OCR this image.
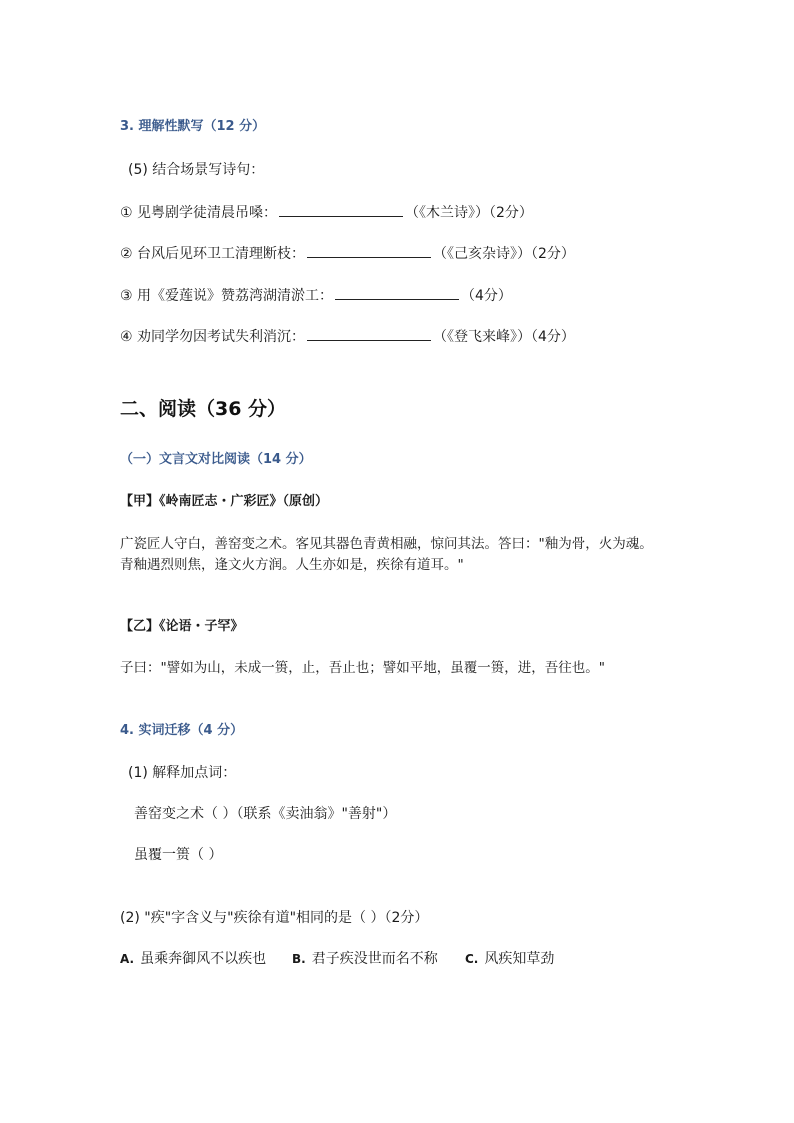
3. 理解性默写（12 分）
(5) 结合场景写诗句：
① 见粤剧学徒清晨吊嗓：	（《木兰诗》）（2分）
② 台风后见环卫工清理断枝：	（《己亥杂诗》）（2分）
③ 用《爱莲说》赞荔湾湖清淤工：	（4分）
④ 劝同学勿因考试失利消沉：	（《登飞来峰》）（4分）
二、阅读（36 分）
（一）文言文对比阅读（14 分）
【甲】《岭南匠志・广彩匠》（原创）
广瓷匠人守白，善窑变之术。客见其器色青黄相融，惊问其法。答曰："釉为骨，火为魂。
青釉遇烈则焦，逢文火方润。人生亦如是，疾徐有道耳。"
【乙】《论语・子罕》
子曰："譬如为山，未成一篑，止，吾止也；譬如平地，虽覆一篑，进，吾往也。"
4. 实词迁移（4 分）
(1) 解释加点词：
善窑变之术（ ）（联系《卖油翁》"善射"）
虽覆一篑（ ）
(2) "疾"字含义与"疾徐有道"相同的是（ ）（2分）
A. 虽乘奔御风不以疾也 B. 君子疾没世而名不称 C. 风疾知草劲
